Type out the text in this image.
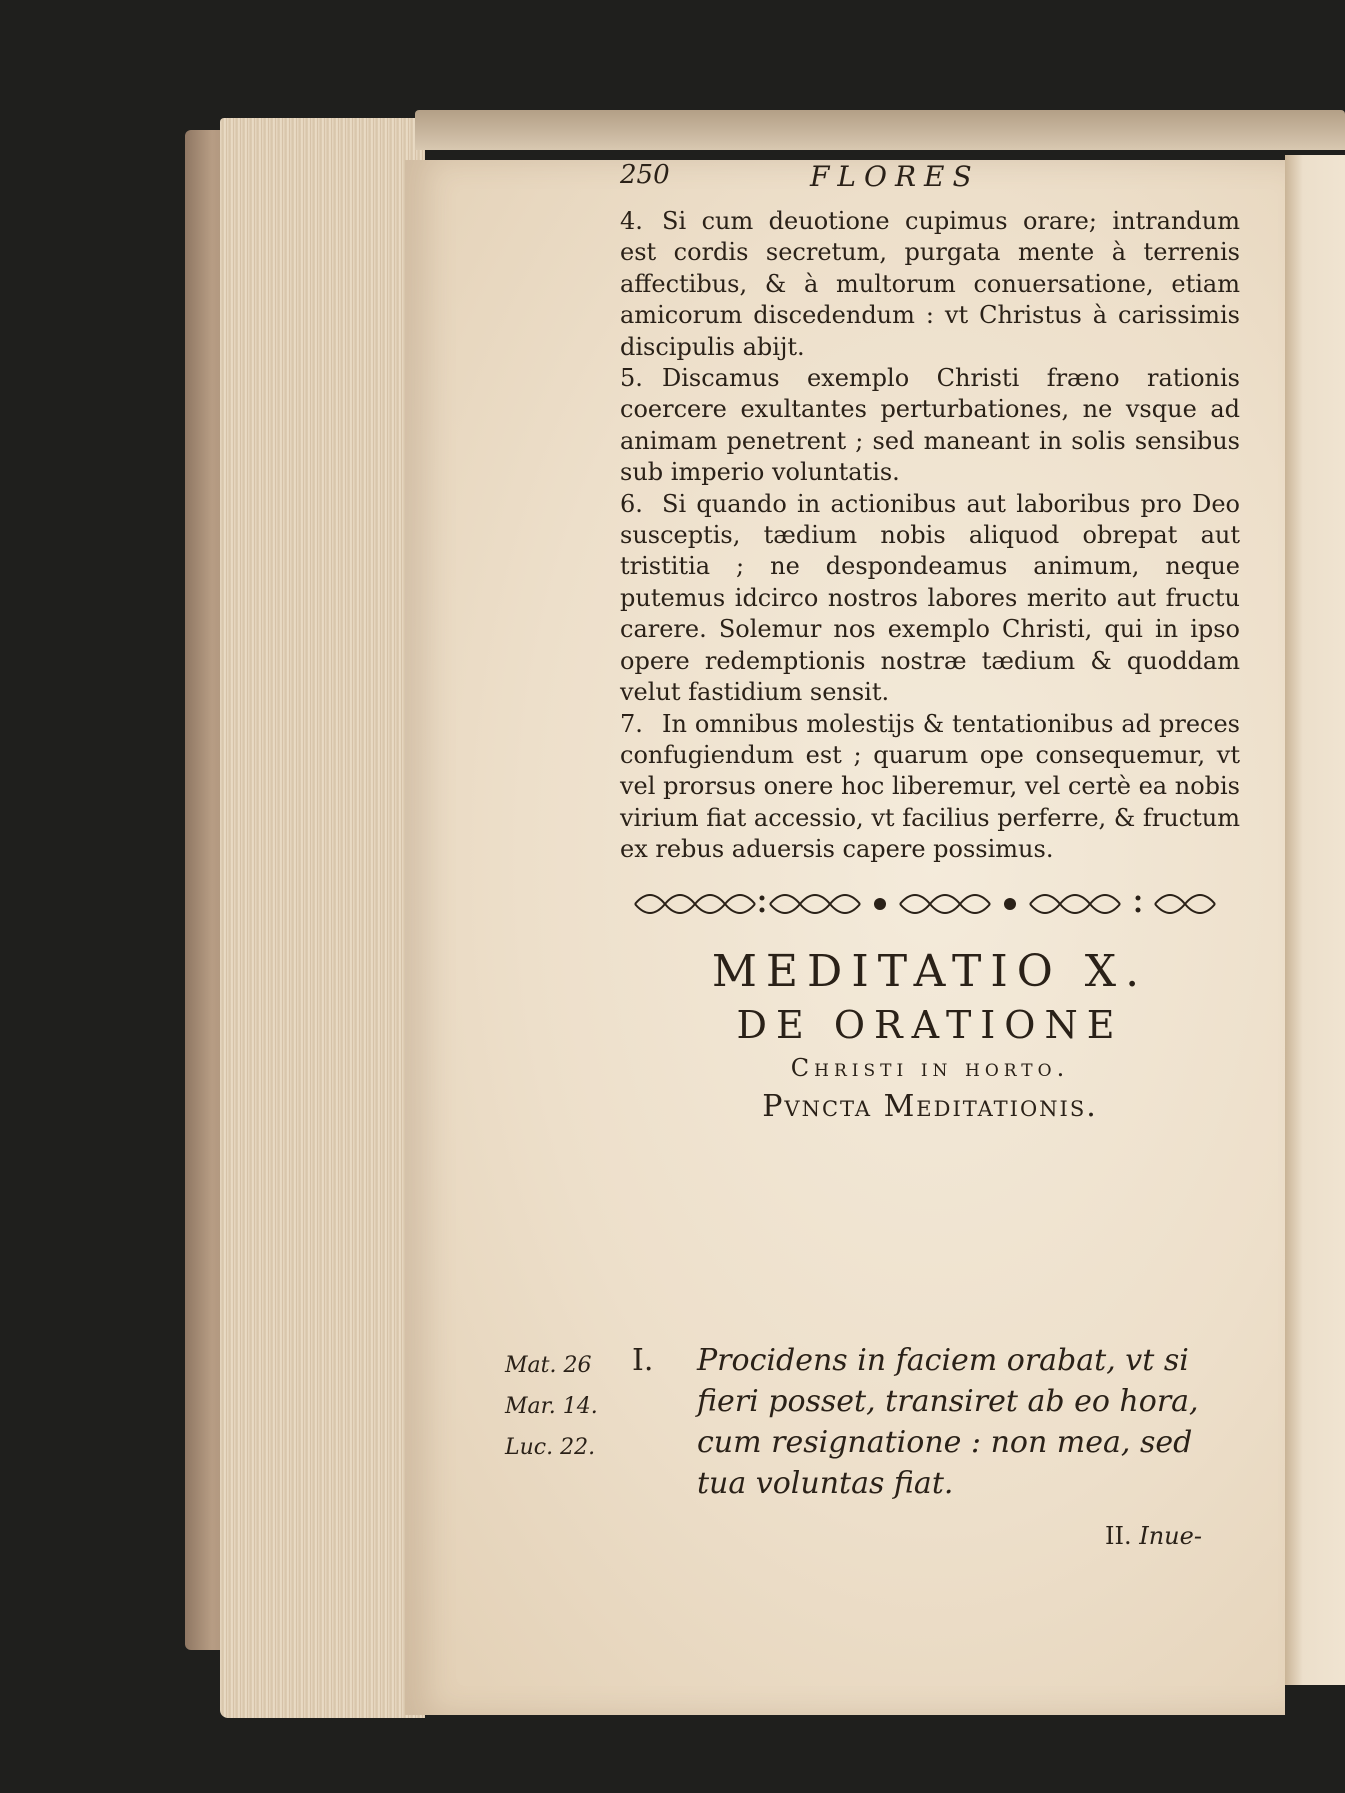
250	FLORES

4. Si cum deuotione cupimus orare; intrandum est cordis secretum, purgata mente à terrenis affectibus, & à multorum conuersatione, etiam amicorum discedendum : vt Christus à carissimis discipulis abijt.

5. Discamus exemplo Christi fræno rationis coercere exultantes perturbationes, ne vsque ad animam penetrent ; sed maneant in solis sensibus sub imperio voluntatis.

6. Si quando in actionibus aut laboribus pro Deo susceptis, tædium nobis aliquod obrepat aut tristitia ; ne despondeamus animum, neque putemus idcirco nostros labores merito aut fructu carere. Solemur nos exemplo Christi, qui in ipso opere redemptionis nostræ tædium & quoddam velut fastidium sensit.

7. In omnibus molestijs & tentationibus ad preces confugiendum est ; quarum ope consequemur, vt vel prorsus onere hoc liberemur, vel certè ea nobis virium fiat accessio, vt facilius perferre, & fructum ex rebus aduersis capere possimus.

MEDITATIO X.
DE ORATIONE
Christi in horto.
Pvncta Meditationis.
Mat. 26
Mar. 14.
Luc. 22.
I. Procidens in faciem orabat, vt si fieri posset, transiret ab eo hora, cum resignatione : non mea, sed tua voluntas fiat.
II. Inue-
